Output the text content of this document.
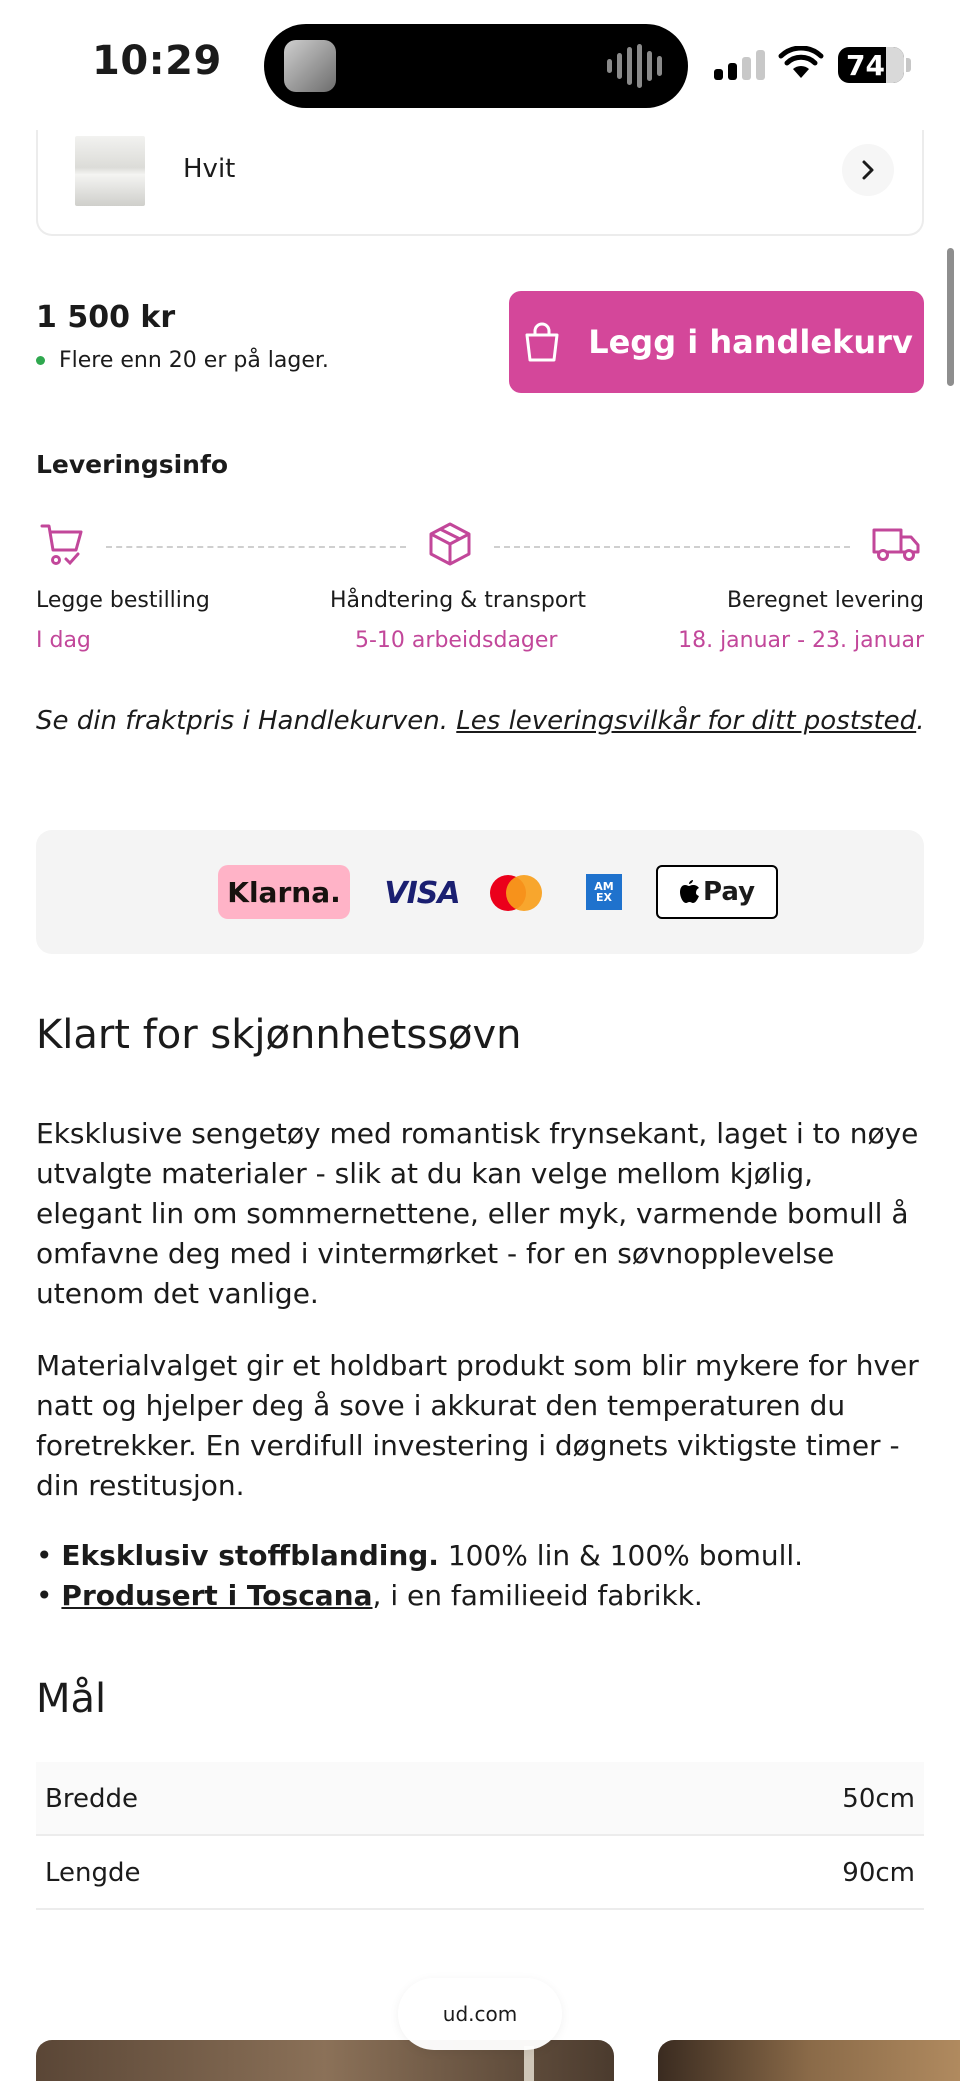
10:29	74
Hvit
1 500 kr
Flere enn 20 er på lager.	Legg i handlekurv
Leveringsinfo
Legge bestilling
I dag
Håndtering & transport
5-10 arbeidsdager
Beregnet levering
18. januar - 23. januar
Se din fraktpris i Handlekurven. Les leveringsvilkår for ditt poststed.
Klarna.	VISA	AM EX	Pay
Klart for skjønnhetssøvn
Eksklusive sengetøy med romantisk frynsekant, laget i to nøye utvalgte materialer - slik at du kan velge mellom kjølig, elegant lin om sommernettene, eller myk, varmende bomull å omfavne deg med i vintermørket - for en søvnopplevelse utenom det vanlige.
Materialvalget gir et holdbart produkt som blir mykere for hver natt og hjelper deg å sove i akkurat den temperaturen du foretrekker. En verdifull investering i døgnets viktigste timer - din restitusjon.
• Eksklusiv stoffblanding. 100% lin & 100% bomull.
• Produsert i Toscana, i en familieeid fabrikk.
Mål
Bredde	50cm
Lengde	90cm
ud.com
